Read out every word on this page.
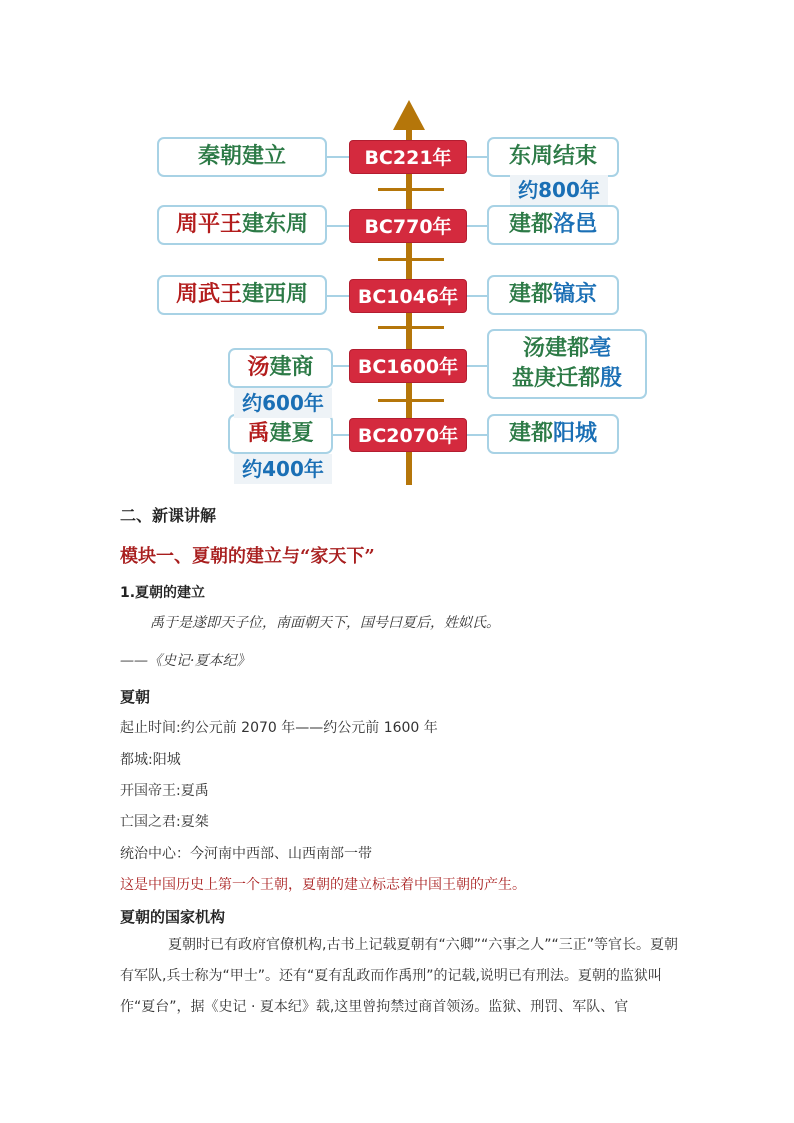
BC221年
BC770年
BC1046年
BC1600年
BC2070年
秦朝建立
周平王建东周
周武王建西周
汤建商
禹建夏
东周结束
建都洛邑
建都镐京
汤建都亳
盘庚迁都殷
建都阳城
约800年
约600年
约400年
二、新课讲解
模块一、夏朝的建立与“家天下”
1.夏朝的建立
禹于是遂即天子位，南面朝天下，国号曰夏后，姓姒氏。
——《史记·夏本纪》
夏朝
起止时间:约公元前 2070 年——约公元前 1600 年
都城:阳城
开国帝王:夏禹
亡国之君:夏桀
统治中心：今河南中西部、山西南部一带
这是中国历史上第一个王朝，夏朝的建立标志着中国王朝的产生。
夏朝的国家机构
夏朝时已有政府官僚机构,古书上记载夏朝有“六卿”“六事之人”“三正”等官长。夏朝有军队,兵士称为“甲士”。还有“夏有乱政而作禹刑”的记载,说明已有刑法。夏朝的监狱叫作“夏台”，据《史记 · 夏本纪》载,这里曾拘禁过商首领汤。监狱、刑罚、军队、官
